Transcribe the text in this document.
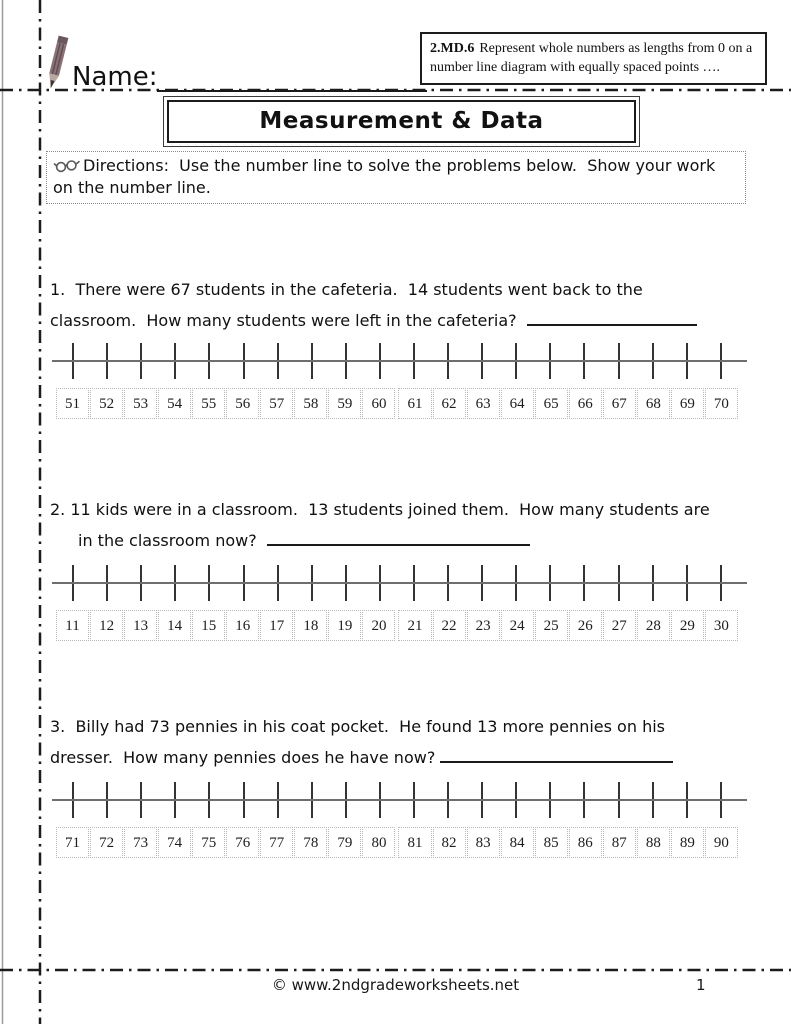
Name:
2.MD.6 Represent whole numbers as lengths from 0 on a number line diagram with equally spaced points ….
Measurement & Data
Directions:  Use the number line to solve the problems below.  Show your work on the number line.
1.  There were 67 students in the cafeteria.  14 students went back to the
classroom.  How many students were left in the cafeteria?
51	52	53	54	55	56	57	58	59	60	61	62	63	64	65	66	67	68	69	70
2. 11 kids were in a classroom.  13 students joined them.  How many students are
in the classroom now?
11	12	13	14	15	16	17	18	19	20	21	22	23	24	25	26	27	28	29	30
3.  Billy had 73 pennies in his coat pocket.  He found 13 more pennies on his
dresser.  How many pennies does he have now?
71	72	73	74	75	76	77	78	79	80	81	82	83	84	85	86	87	88	89	90
© www.2ndgradeworksheets.net	1
